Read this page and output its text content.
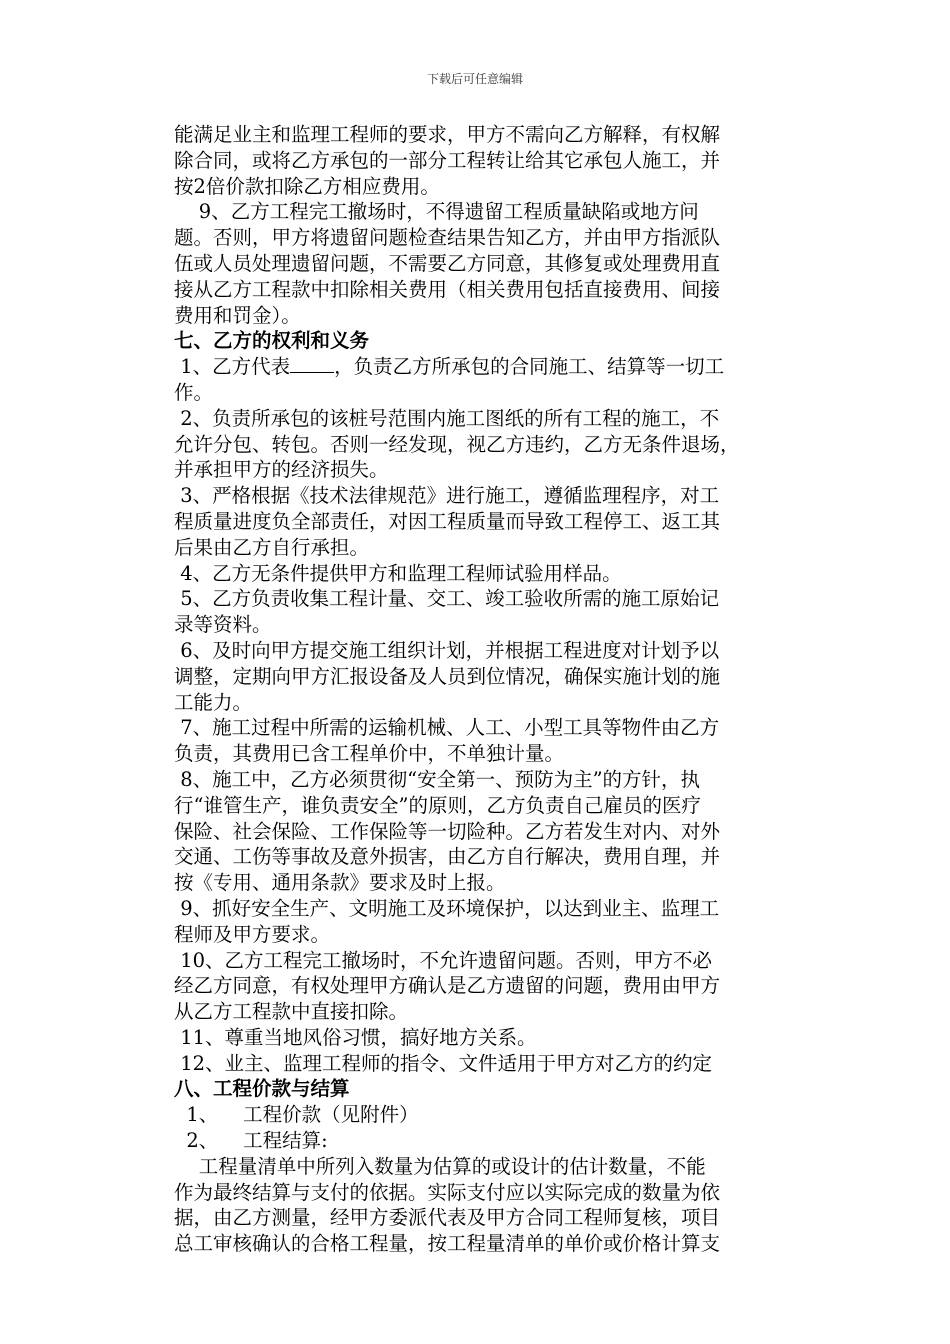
下载后可任意编辑
能满足业主和监理工程师的要求，甲方不需向乙方解释，有权解
除合同，或将乙方承包的一部分工程转让给其它承包人施工，并
按2倍价款扣除乙方相应费用。
9、乙方工程完工撤场时，不得遗留工程质量缺陷或地方问
题。否则，甲方将遗留问题检查结果告知乙方，并由甲方指派队
伍或人员处理遗留问题，不需要乙方同意，其修复或处理费用直
接从乙方工程款中扣除相关费用（相关费用包括直接费用、间接
费用和罚金）。
七、乙方的权利和义务
1、乙方代表 ，负责乙方所承包的合同施工、结算等一切工
作。
2、负责所承包的该桩号范围内施工图纸的所有工程的施工，不
允许分包、转包。否则一经发现，视乙方违约，乙方无条件退场，
并承担甲方的经济损失。
3、严格根据《技术法律规范》进行施工，遵循监理程序，对工
程质量进度负全部责任，对因工程质量而导致工程停工、返工其
后果由乙方自行承担。
4、乙方无条件提供甲方和监理工程师试验用样品。
5、乙方负责收集工程计量、交工、竣工验收所需的施工原始记
录等资料。
6、及时向甲方提交施工组织计划，并根据工程进度对计划予以
调整，定期向甲方汇报设备及人员到位情况，确保实施计划的施
工能力。
7、施工过程中所需的运输机械、人工、小型工具等物件由乙方
负责，其费用已含工程单价中，不单独计量。
8、施工中，乙方必须贯彻“安全第一、预防为主”的方针，执
行“谁管生产，谁负责安全”的原则，乙方负责自己雇员的医疗
保险、社会保险、工作保险等一切险种。乙方若发生对内、对外
交通、工伤等事故及意外损害，由乙方自行解决，费用自理，并
按《专用、通用条款》要求及时上报。
9、抓好安全生产、文明施工及环境保护，以达到业主、监理工
程师及甲方要求。
10、乙方工程完工撤场时，不允许遗留问题。否则，甲方不必
经乙方同意，有权处理甲方确认是乙方遗留的问题，费用由甲方
从乙方工程款中直接扣除。
11、尊重当地风俗习惯，搞好地方关系。
12、业主、监理工程师的指令、文件适用于甲方对乙方的约定
八、工程价款与结算
1、    工程价款（见附件）
2、    工程结算:
工程量清单中所列入数量为估算的或设计的估计数量，不能
作为最终结算与支付的依据。实际支付应以实际完成的数量为依
据，由乙方测量，经甲方委派代表及甲方合同工程师复核，项目
总工审核确认的合格工程量，按工程量清单的单价或价格计算支
